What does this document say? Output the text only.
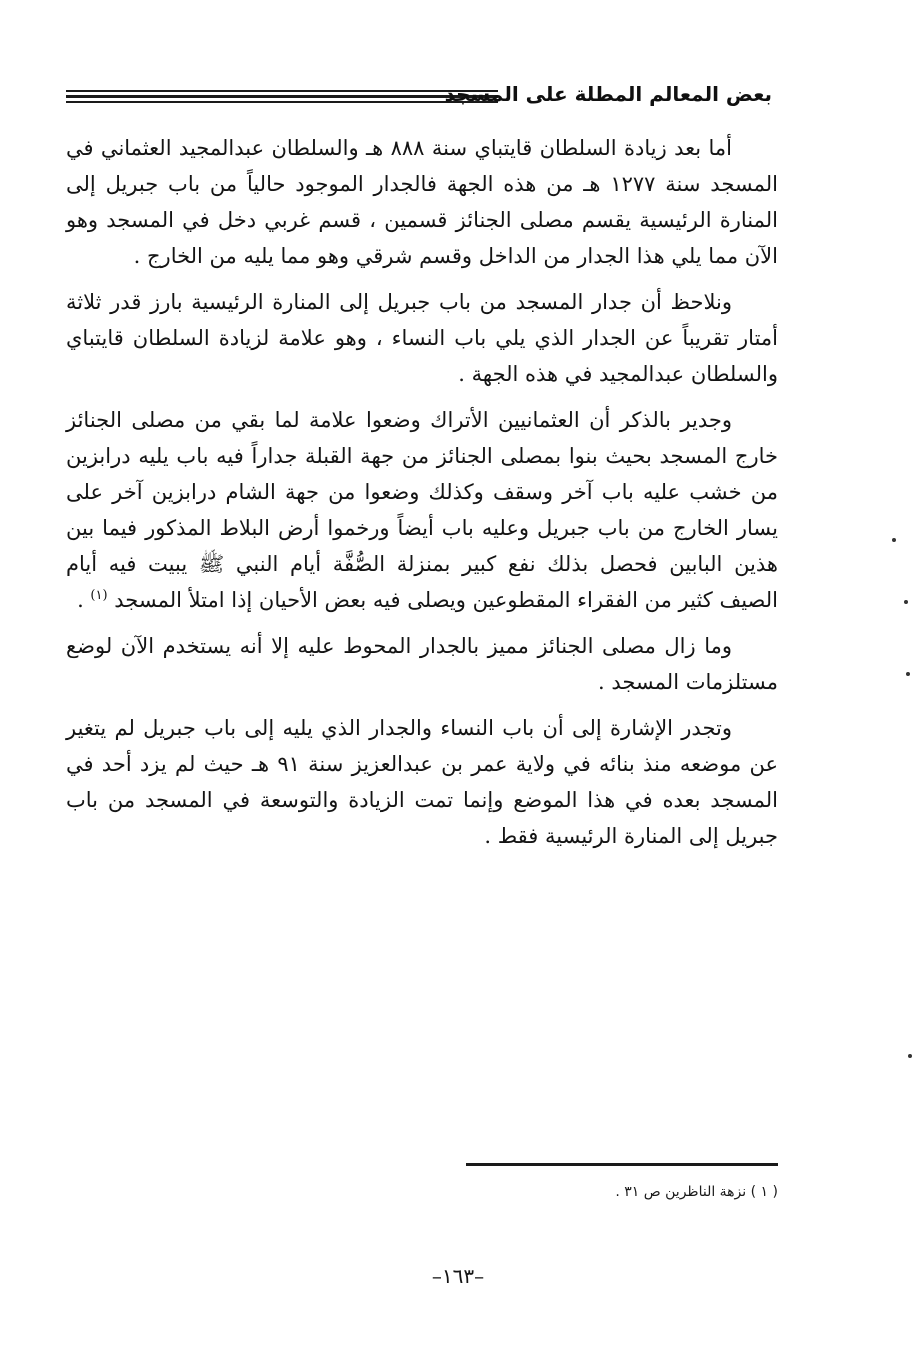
بعض المعالم المطلة على المسجد

أما بعد زيادة السلطان قايتباي سنة ٨٨٨ هـ والسلطان عبدالمجيد العثماني في المسجد سنة ١٢٧٧ هـ من هذه الجهة فالجدار الموجود حالياً من باب جبريل إلى المنارة الرئيسية يقسم مصلى الجنائز قسمين ، قسم غربي دخل في المسجد وهو الآن مما يلي هذا الجدار من الداخل وقسم شرقي وهو مما يليه من الخارج .

ونلاحظ أن جدار المسجد من باب جبريل إلى المنارة الرئيسية بارز قدر ثلاثة أمتار تقريباً عن الجدار الذي يلي باب النساء ، وهو علامة لزيادة السلطان قايتباي والسلطان عبدالمجيد في هذه الجهة .

وجدير بالذكر أن العثمانيين الأتراك وضعوا علامة لما بقي من مصلى الجنائز خارج المسجد بحيث بنوا بمصلى الجنائز من جهة القبلة جداراً فيه باب يليه درابزين من خشب عليه باب آخر وسقف وكذلك وضعوا من جهة الشام درابزين آخر على يسار الخارج من باب جبريل وعليه باب أيضاً ورخموا أرض البلاط المذكور فيما بين هذين البابين فحصل بذلك نفع كبير بمنزلة الصُّفَّة أيام النبي ﷺ يبيت فيه أيام الصيف كثير من الفقراء المقطوعين ويصلى فيه بعض الأحيان إذا امتلأ المسجد $^{(١)}$ .

وما زال مصلى الجنائز مميز بالجدار المحوط عليه إلا أنه يستخدم الآن لوضع مستلزمات المسجد .

وتجدر الإشارة إلى أن باب النساء والجدار الذي يليه إلى باب جبريل لم يتغير عن موضعه منذ بنائه في ولاية عمر بن عبدالعزيز سنة ٩١ هـ حيث لم يزد أحد في المسجد بعده في هذا الموضع وإنما تمت الزيادة والتوسعة في المسجد من باب جبريل إلى المنارة الرئيسية فقط .

( ١ ) نزهة الناظرين ص ٣١ .
–١٦٣–
